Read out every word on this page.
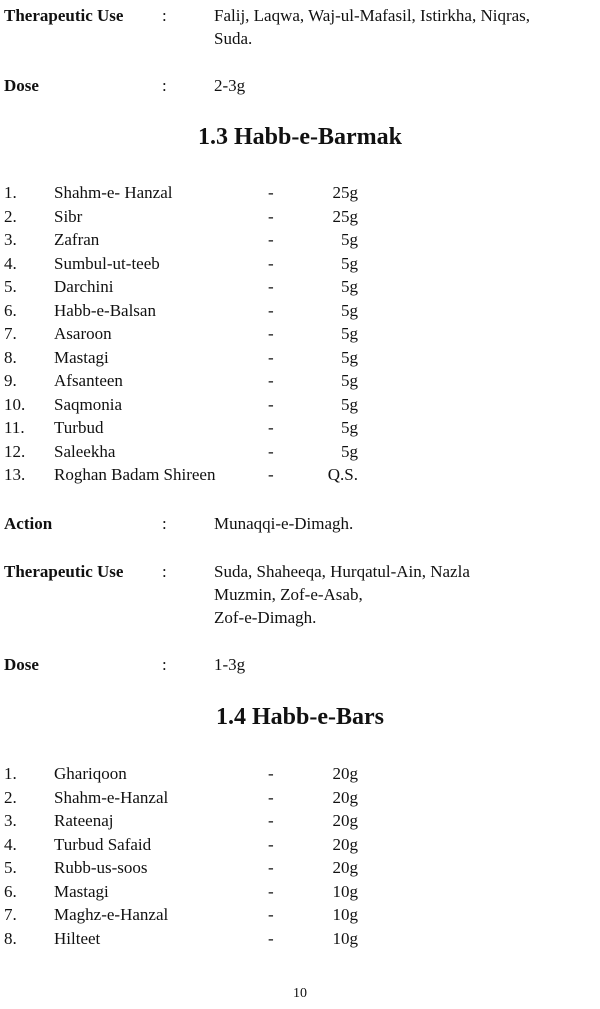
Therapeutic Use :	Falij, Laqwa, Waj-ul-Mafasil, Istirkha, Niqras,
Suda.
Dose	:	2-3g
1.3 Habb-e-Barmak
1. Shahm-e- Hanzal	-	25g
2. Sibr	-	25g
3. Zafran	-	5g
4. Sumbul-ut-teeb	-	5g
5. Darchini	-	5g
6. Habb-e-Balsan	-	5g
7. Asaroon	-	5g
8. Mastagi	-	5g
9. Afsanteen	-	5g
10. Saqmonia	-	5g
11. Turbud	-	5g
12. Saleekha	-	5g
13. Roghan Badam Shireen	-	Q.S.
Action	:	Munaqqi-e-Dimagh.
Therapeutic Use :	Suda, Shaheeqa, Hurqatul-Ain, Nazla
Muzmin, Zof-e-Asab,
Zof-e-Dimagh.
Dose	:	1-3g
1.4 Habb-e-Bars
1. Ghariqoon	-	20g
2. Shahm-e-Hanzal	-	20g
3. Rateenaj	-	20g
4. Turbud Safaid	-	20g
5. Rubb-us-soos	-	20g
6. Mastagi	-	10g
7. Maghz-e-Hanzal	-	10g
8. Hilteet	-	10g
10
